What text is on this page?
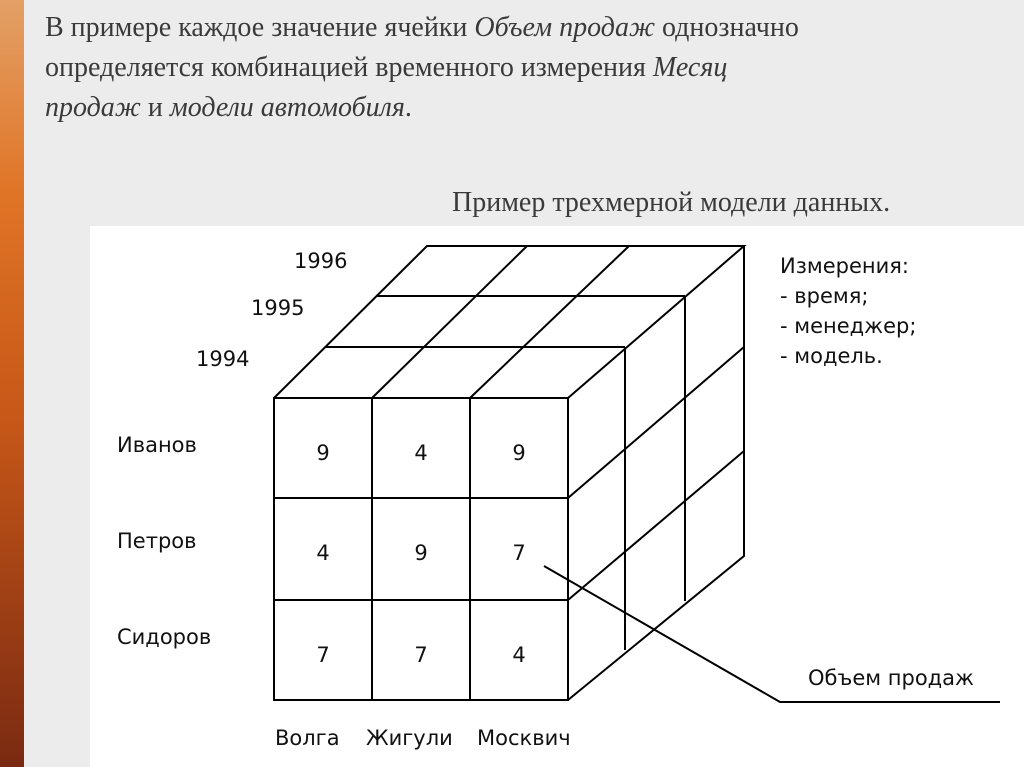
В примере каждое значение ячейки Объем продаж однозначно
определяется комбинацией временного измерения Месяц
продаж и модели автомобиля.
Пример трехмерной модели данных.
1996
1995
1994
Иванов
Петров
Сидоров
Волга Жигули Москвич
9	4	9
4	9	7
7	7	4
Измерения:
- время;
- менеджер;
- модель.
Объем продаж
